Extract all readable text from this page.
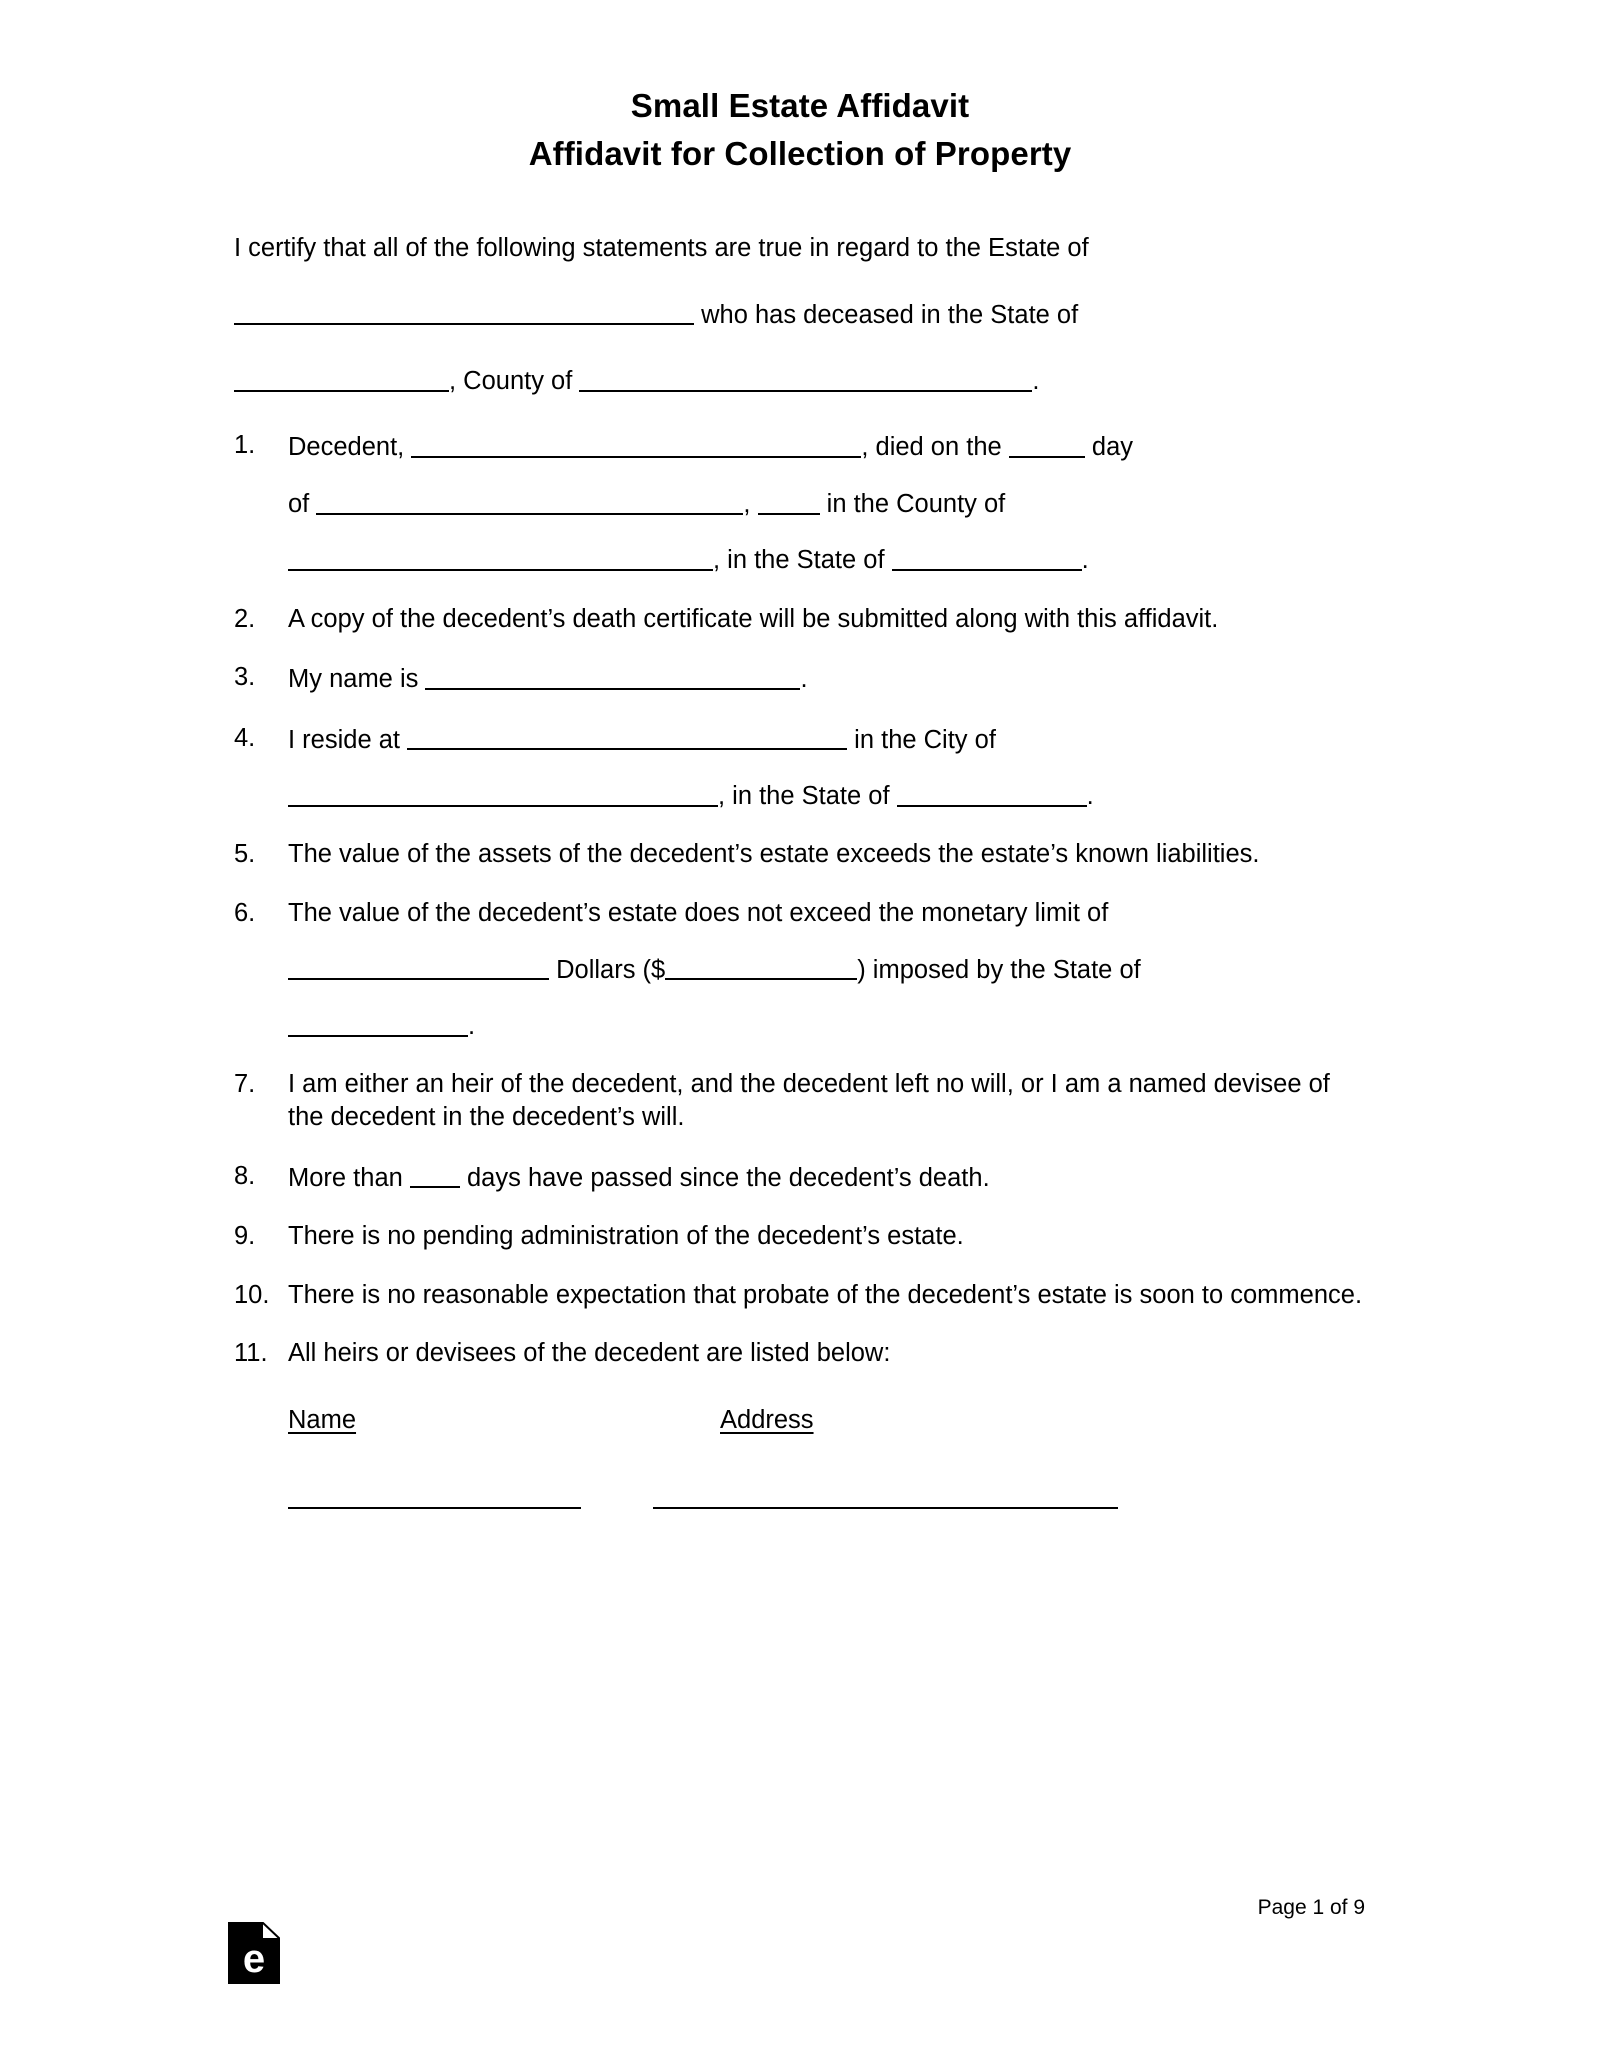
Small Estate Affidavit
Affidavit for Collection of Property
I certify that all of the following statements are true in regard to the Estate of
who has deceased in the State of
, County of	.
1.	Decedent,	, died on the	day

of	,	in the County of

, in the State of	.

2.	A copy of the decedent’s death certificate will be submitted along with this affidavit.

3.	My name is	.

4.	I reside at	in the City of

, in the State of	.

5.	The value of the assets of the decedent’s estate exceeds the estate’s known liabilities.

6.	The value of the decedent’s estate does not exceed the monetary limit of

Dollars ($	) imposed by the State of

.

7.	I am either an heir of the decedent, and the decedent left no will, or I am a named devisee of the decedent in the decedent’s will.

8.	More than	days have passed since the decedent’s death.

9.	There is no pending administration of the decedent’s estate.

10. There is no reasonable expectation that probate of the decedent’s estate is soon to commence.

11. All heirs or devisees of the decedent are listed below:

Name	Address
Page 1 of 9
e
